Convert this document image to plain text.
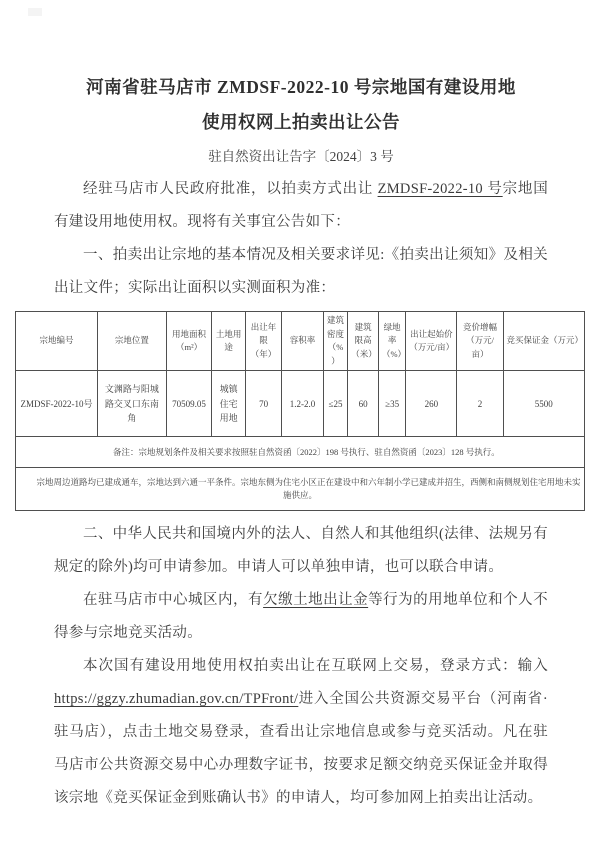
河南省驻马店市 ZMDSF-2022-10 号宗地国有建设用地
使用权网上拍卖出让公告
驻自然资出让告字〔2024〕3 号

经驻马店市人民政府批准，以拍卖方式出让 ZMDSF-2022-10 号宗地国有建设用地使用权。现将有关事宜公告如下：

一、拍卖出让宗地的基本情况及相关要求详见:《拍卖出让须知》及相关出让文件；实际出让面积以实测面积为准：

宗地编号	宗地位置	用地面积（m²）	土地用途	出让年限（年）	容积率	建筑密度（%）	建筑限高（米）	绿地率（%）	出让起始价（万元/亩）	竞价增幅（万元/亩）	竞买保证金（万元）
ZMDSF-2022-10号	文渊路与阳城路交叉口东南角	70509.05	城镇住宅用地	70	1.2-2.0	≤25	60	≥35	260	2	5500
备注：宗地规划条件及相关要求按照驻自然资函〔2022〕198 号执行、驻自然资函〔2023〕128 号执行。											
宗地周边道路均已建成通车，宗地达到六通一平条件。宗地东侧为住宅小区正在建设中和六年制小学已建成并招生，西侧和南侧规划住宅用地未实施供应。											

二、中华人民共和国境内外的法人、自然人和其他组织(法律、法规另有规定的除外)均可申请参加。申请人可以单独申请，也可以联合申请。

在驻马店市中心城区内，有欠缴土地出让金等行为的用地单位和个人不得参与宗地竞买活动。

本次国有建设用地使用权拍卖出让在互联网上交易，登录方式：输入https://ggzy.zhumadian.gov.cn/TPFront/进入全国公共资源交易平台（河南省·驻马店），点击土地交易登录，查看出让宗地信息或参与竞买活动。凡在驻马店市公共资源交易中心办理数字证书，按要求足额交纳竞买保证金并取得该宗地《竞买保证金到账确认书》的申请人，均可参加网上拍卖出让活动。
